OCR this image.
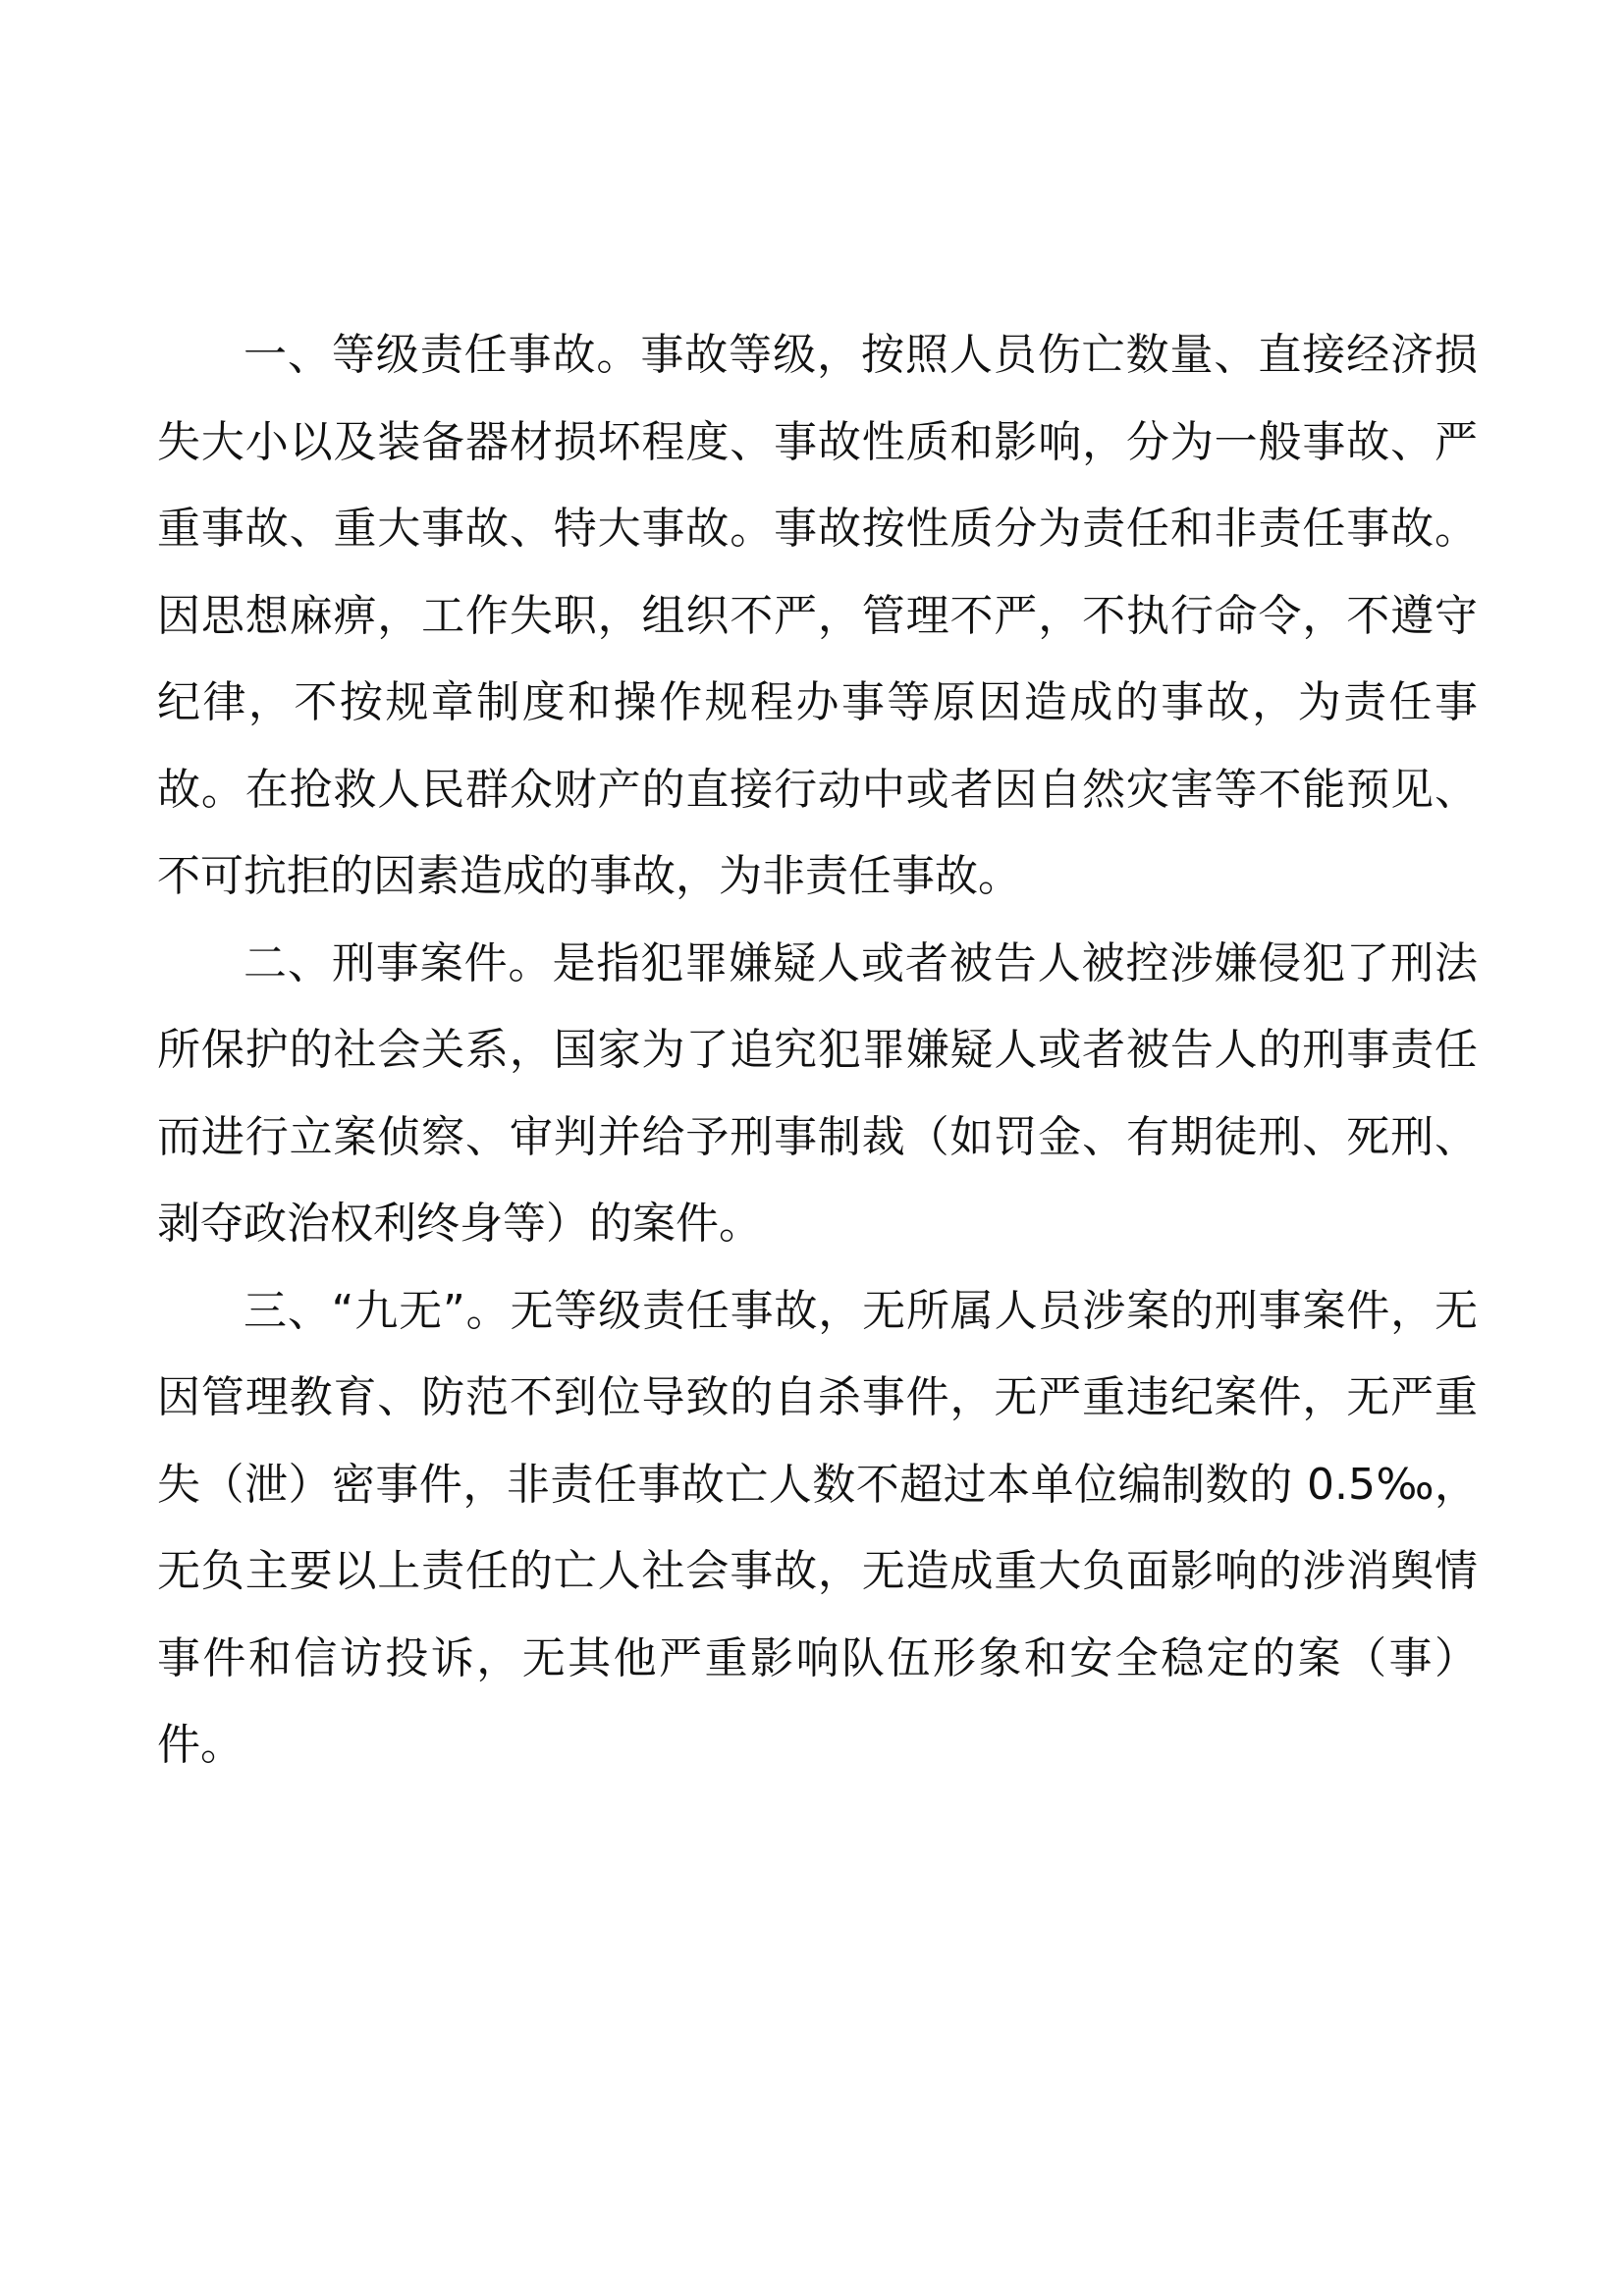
一、等级责任事故。事故等级，按照人员伤亡数量、直接经济损失大小以及装备器材损坏程度、事故性质和影响，分为一般事故、严重事故、重大事故、特大事故。事故按性质分为责任和非责任事故。因思想麻痹，工作失职，组织不严，管理不严，不执行命令，不遵守纪律，不按规章制度和操作规程办事等原因造成的事故，为责任事故。在抢救人民群众财产的直接行动中或者因自然灾害等不能预见、不可抗拒的因素造成的事故，为非责任事故。

二、刑事案件。是指犯罪嫌疑人或者被告人被控涉嫌侵犯了刑法所保护的社会关系，国家为了追究犯罪嫌疑人或者被告人的刑事责任而进行立案侦察、审判并给予刑事制裁（如罚金、有期徒刑、死刑、剥夺政治权利终身等）的案件。

三、“九无”。无等级责任事故，无所属人员涉案的刑事案件，无因管理教育、防范不到位导致的自杀事件，无严重违纪案件，无严重失（泄）密事件，非责任事故亡人数不超过本单位编制数的 0.5‰，无负主要以上责任的亡人社会事故，无造成重大负面影响的涉消舆情事件和信访投诉，无其他严重影响队伍形象和安全稳定的案（事）件。
